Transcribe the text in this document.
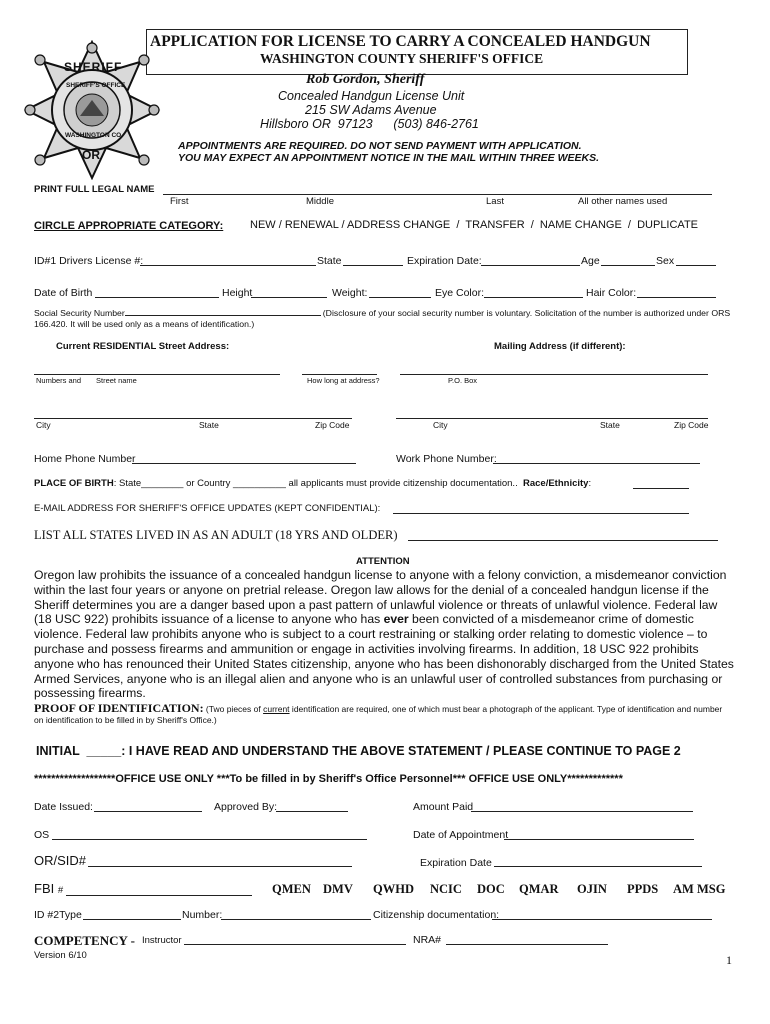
APPLICATION FOR LICENSE TO CARRY A CONCEALED HANDGUN
WASHINGTON COUNTY SHERIFF'S OFFICE
SHERIFF
SHERIFF'S OFFICE
WASHINGTON CO
OR
Rob Gordon, Sheriff
Concealed Handgun License Unit
215 SW Adams Avenue
Hillsboro OR  97123      (503) 846-2761
APPOINTMENTS ARE REQUIRED. DO NOT SEND PAYMENT WITH APPLICATION.
YOU MAY EXPECT AN APPOINTMENT NOTICE IN THE MAIL WITHIN THREE WEEKS.
PRINT FULL LEGAL NAME
First	Middle	Last	All other names used
CIRCLE APPROPRIATE CATEGORY: NEW / RENEWAL / ADDRESS CHANGE  /  TRANSFER  /  NAME CHANGE  /  DUPLICATE
ID#1 Drivers License #:	State	Expiration Date:	Age	Sex
Date of Birth	Height	Weight:	Eye Color:	Hair Color:
Social Security Number	(Disclosure of your social security number is voluntary. Solicitation of the number is authorized under ORS 166.420. It will be used only as a means of identification.)
Current RESIDENTIAL Street Address:	Mailing Address (if different):
Numbers and Street name	How long at address?	P.O. Box
City	State	Zip Code	City	State	Zip Code
Home Phone Number	Work Phone Number:
PLACE OF BIRTH: State________ or Country __________ all applicants must provide citizenship documentation.. Race/Ethnicity:
E-MAIL ADDRESS FOR SHERIFF'S OFFICE UPDATES (KEPT CONFIDENTIAL):
LIST ALL STATES LIVED IN AS AN ADULT (18 YRS AND OLDER)
ATTENTION
Oregon law prohibits the issuance of a concealed handgun license to anyone with a felony conviction, a misdemeanor conviction within the last four years or anyone on pretrial release. Oregon law allows for the denial of a concealed handgun license if the Sheriff determines you are a danger based upon a past pattern of unlawful violence or threats of unlawful violence. Federal law (18 USC 922) prohibits issuance of a license to anyone who has ever been convicted of a misdemeanor crime of domestic violence. Federal law prohibits anyone who is subject to a court restraining or stalking order relating to domestic violence – to purchase and possess firearms and ammunition or engage in activities involving firearms. In addition, 18 USC 922 prohibits anyone who has renounced their United States citizenship, anyone who has been dishonorably discharged from the United States Armed Services, anyone who is an illegal alien and anyone who is an unlawful user of controlled substances from purchasing or possessing firearms.
PROOF OF IDENTIFICATION: (Two pieces of current identification are required, one of which must bear a photograph of the applicant. Type of identification and number on identification to be filled in by Sheriff's Office.)
INITIAL  _____: I HAVE READ AND UNDERSTAND THE ABOVE STATEMENT / PLEASE CONTINUE TO PAGE 2
*******************OFFICE USE ONLY ***To be filled in by Sheriff's Office Personnel*** OFFICE USE ONLY*************
Date Issued:	Approved By:	Amount Paid
OS	Date of Appointment
OR/SID#	Expiration Date
FBI #	QMEN DMV QWHD NCIC DOC QMAR OJIN PPDS AM MSG
ID #2Type	Number:	Citizenship documentation:
COMPETENCY - Instructor	NRA#
Version 6/10	1
